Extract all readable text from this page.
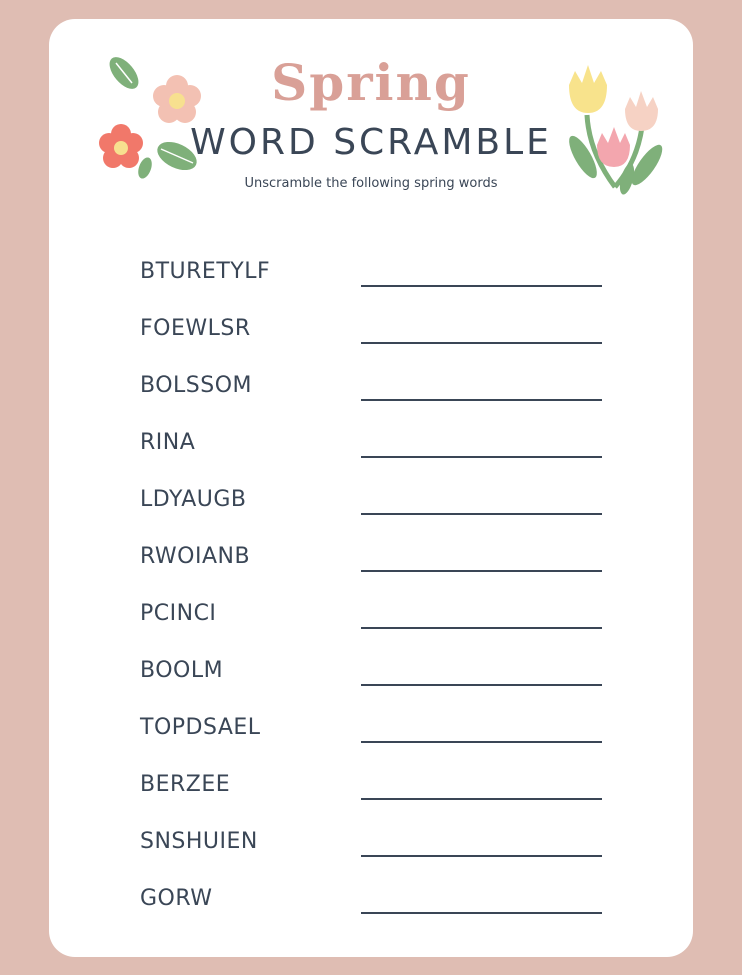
Spring
WORD SCRAMBLE
Unscramble the following spring words
BTURETYLF
FOEWLSR
BOLSSOM
RINA
LDYAUGB
RWOIANB
PCINCI
BOOLM
TOPDSAEL
BERZEE
SNSHUIEN
GORW
